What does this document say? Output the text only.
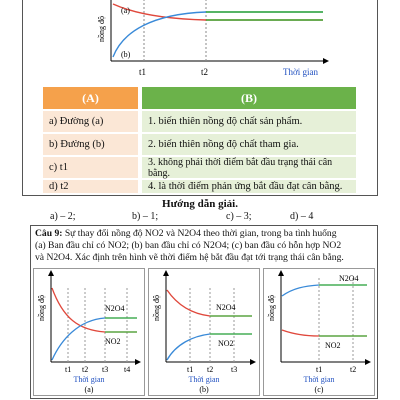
nồng độ
(a)
(b)
t1	t2	Thời gian
(A)	(B)
a) Đường (a)	1. biến thiên nồng độ chất sản phẩm.
b) Đường (b)	2. biến thiên nồng độ chất tham gia.
c) t1	3. không phải thời điểm bắt đầu trạng thái cân bằng.
d) t2	4. là thời điểm phản ứng bắt đầu đạt cân bằng.
Hướng dẫn giải.
a) – 2;	b) – 1;	c) – 3;	d) – 4
Câu 9: Sự thay đổi nồng độ NO2 và N2O4 theo thời gian, trong ba tình huống
(a) Ban đầu chỉ có NO2; (b) ban đầu chỉ có N2O4; (c) ban đầu có hỗn hợp NO2
và N2O4. Xác định trên hình vẽ thời điểm hệ bắt đầu đạt tới trạng thái cân bằng.
nồng độ	N2O4
NO2
t1 t2 t3 t4
Thời gian
(a)
nồng độ	N2O4
NO2
t1 t2 t3
Thời gian
(b)
nồng độ
N2O4
NO2
t1	t2
Thời gian
(c)
